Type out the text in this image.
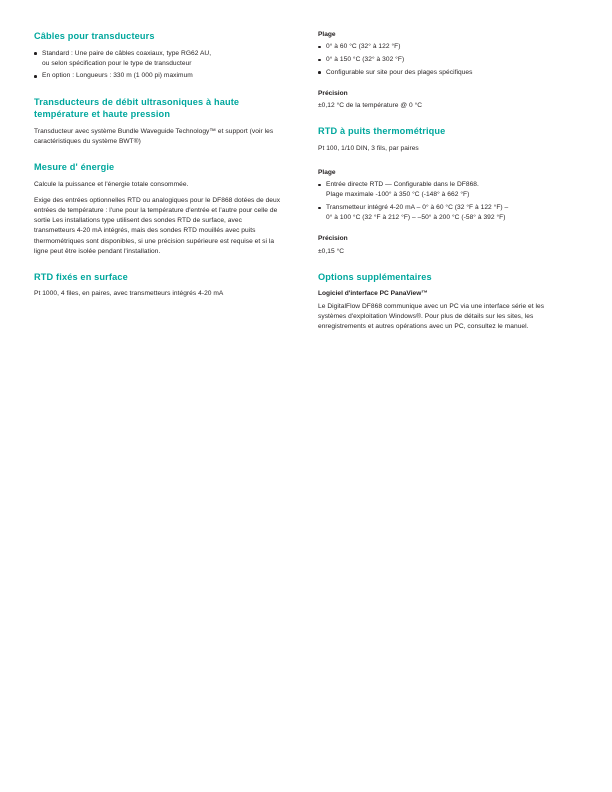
Câbles pour transducteurs
Standard : Une paire de câbles coaxiaux, type RG62 AU,
ou selon spécification pour le type de transducteur
En option : Longueurs : 330 m (1 000 pi) maximum
Transducteurs de débit ultrasoniques à haute température et haute pression

Transducteur avec système Bundle Waveguide Technology™ et support (voir les caractéristiques du système BWT®)

Mesure d' énergie

Calcule la puissance et l'énergie totale consommée.

Exige des entrées optionnelles RTD ou analogiques pour le DF868 dotées de deux entrées de température : l'une pour la température d'entrée et l'autre pour celle de sortie Les installations type utilisent des sondes RTD de surface, avec transmetteurs 4-20 mA intégrés, mais des sondes RTD mouillés avec puits thermométriques sont disponibles, si une précision supérieure est requise et si la ligne peut être isolée pendant l'installation.

RTD fixés en surface

Pt 1000, 4 files, en paires, avec transmetteurs intégrés 4-20 mA

Plage

0° à 60 °C (32° à 122 °F)
0° à 150 °C (32° à 302 °F)
Configurable sur site pour des plages spécifiques

Précision

±0,12 °C de la température @ 0 °C

RTD à puits thermométrique

Pt 100, 1/10 DIN, 3 fils, par paires

Plage

Entrée directe RTD — Configurable dans le DF868.
Plage maximale -100° à 350 °C (-148° à 662 °F)
Transmetteur intégré 4-20 mA – 0° à 60 °C (32 °F à 122 °F) –
0° à 100 °C (32 °F à 212 °F) – –50° à 200 °C (-58° à 392 °F)

Précision

±0,15 °C

Options supplémentaires

Logiciel d'interface PC PanaView™

Le DigitalFlow DF868 communique avec un PC via une interface série et les systèmes d'exploitation Windows®. Pour plus de détails sur les sites, les enregistrements et autres opérations avec un PC, consultez le manuel.
